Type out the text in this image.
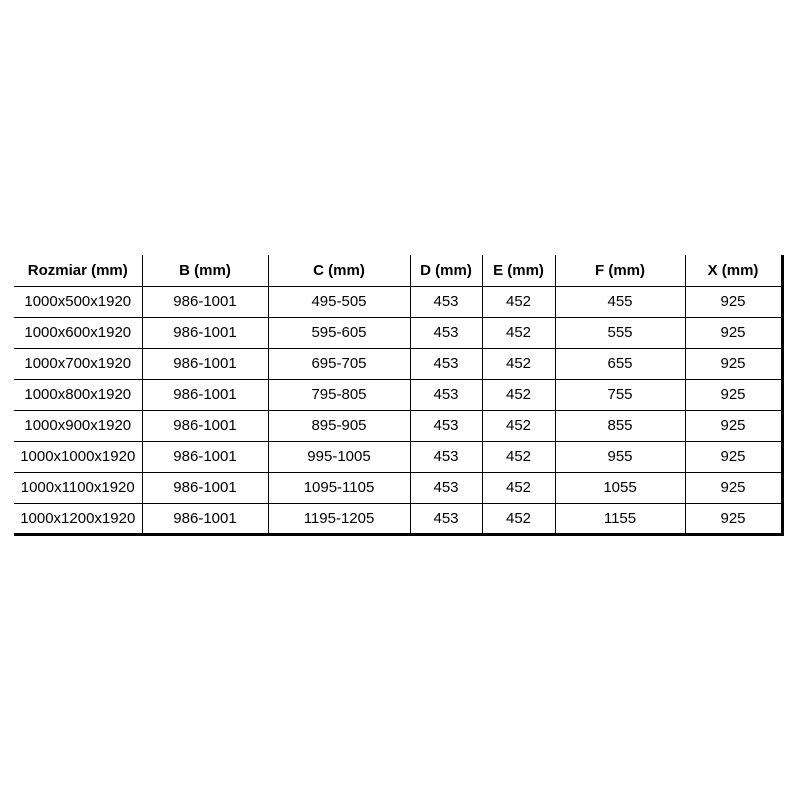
Rozmiar (mm)	B (mm)	C (mm)	D (mm)	E (mm)	F (mm)	X (mm)
1000x500x1920	986-1001	495-505	453	452	455	925
1000x600x1920	986-1001	595-605	453	452	555	925
1000x700x1920	986-1001	695-705	453	452	655	925
1000x800x1920	986-1001	795-805	453	452	755	925
1000x900x1920	986-1001	895-905	453	452	855	925
1000x1000x1920	986-1001	995-1005	453	452	955	925
1000x1100x1920	986-1001	1095-1105	453	452	1055	925
1000x1200x1920	986-1001	1195-1205	453	452	1155	925
